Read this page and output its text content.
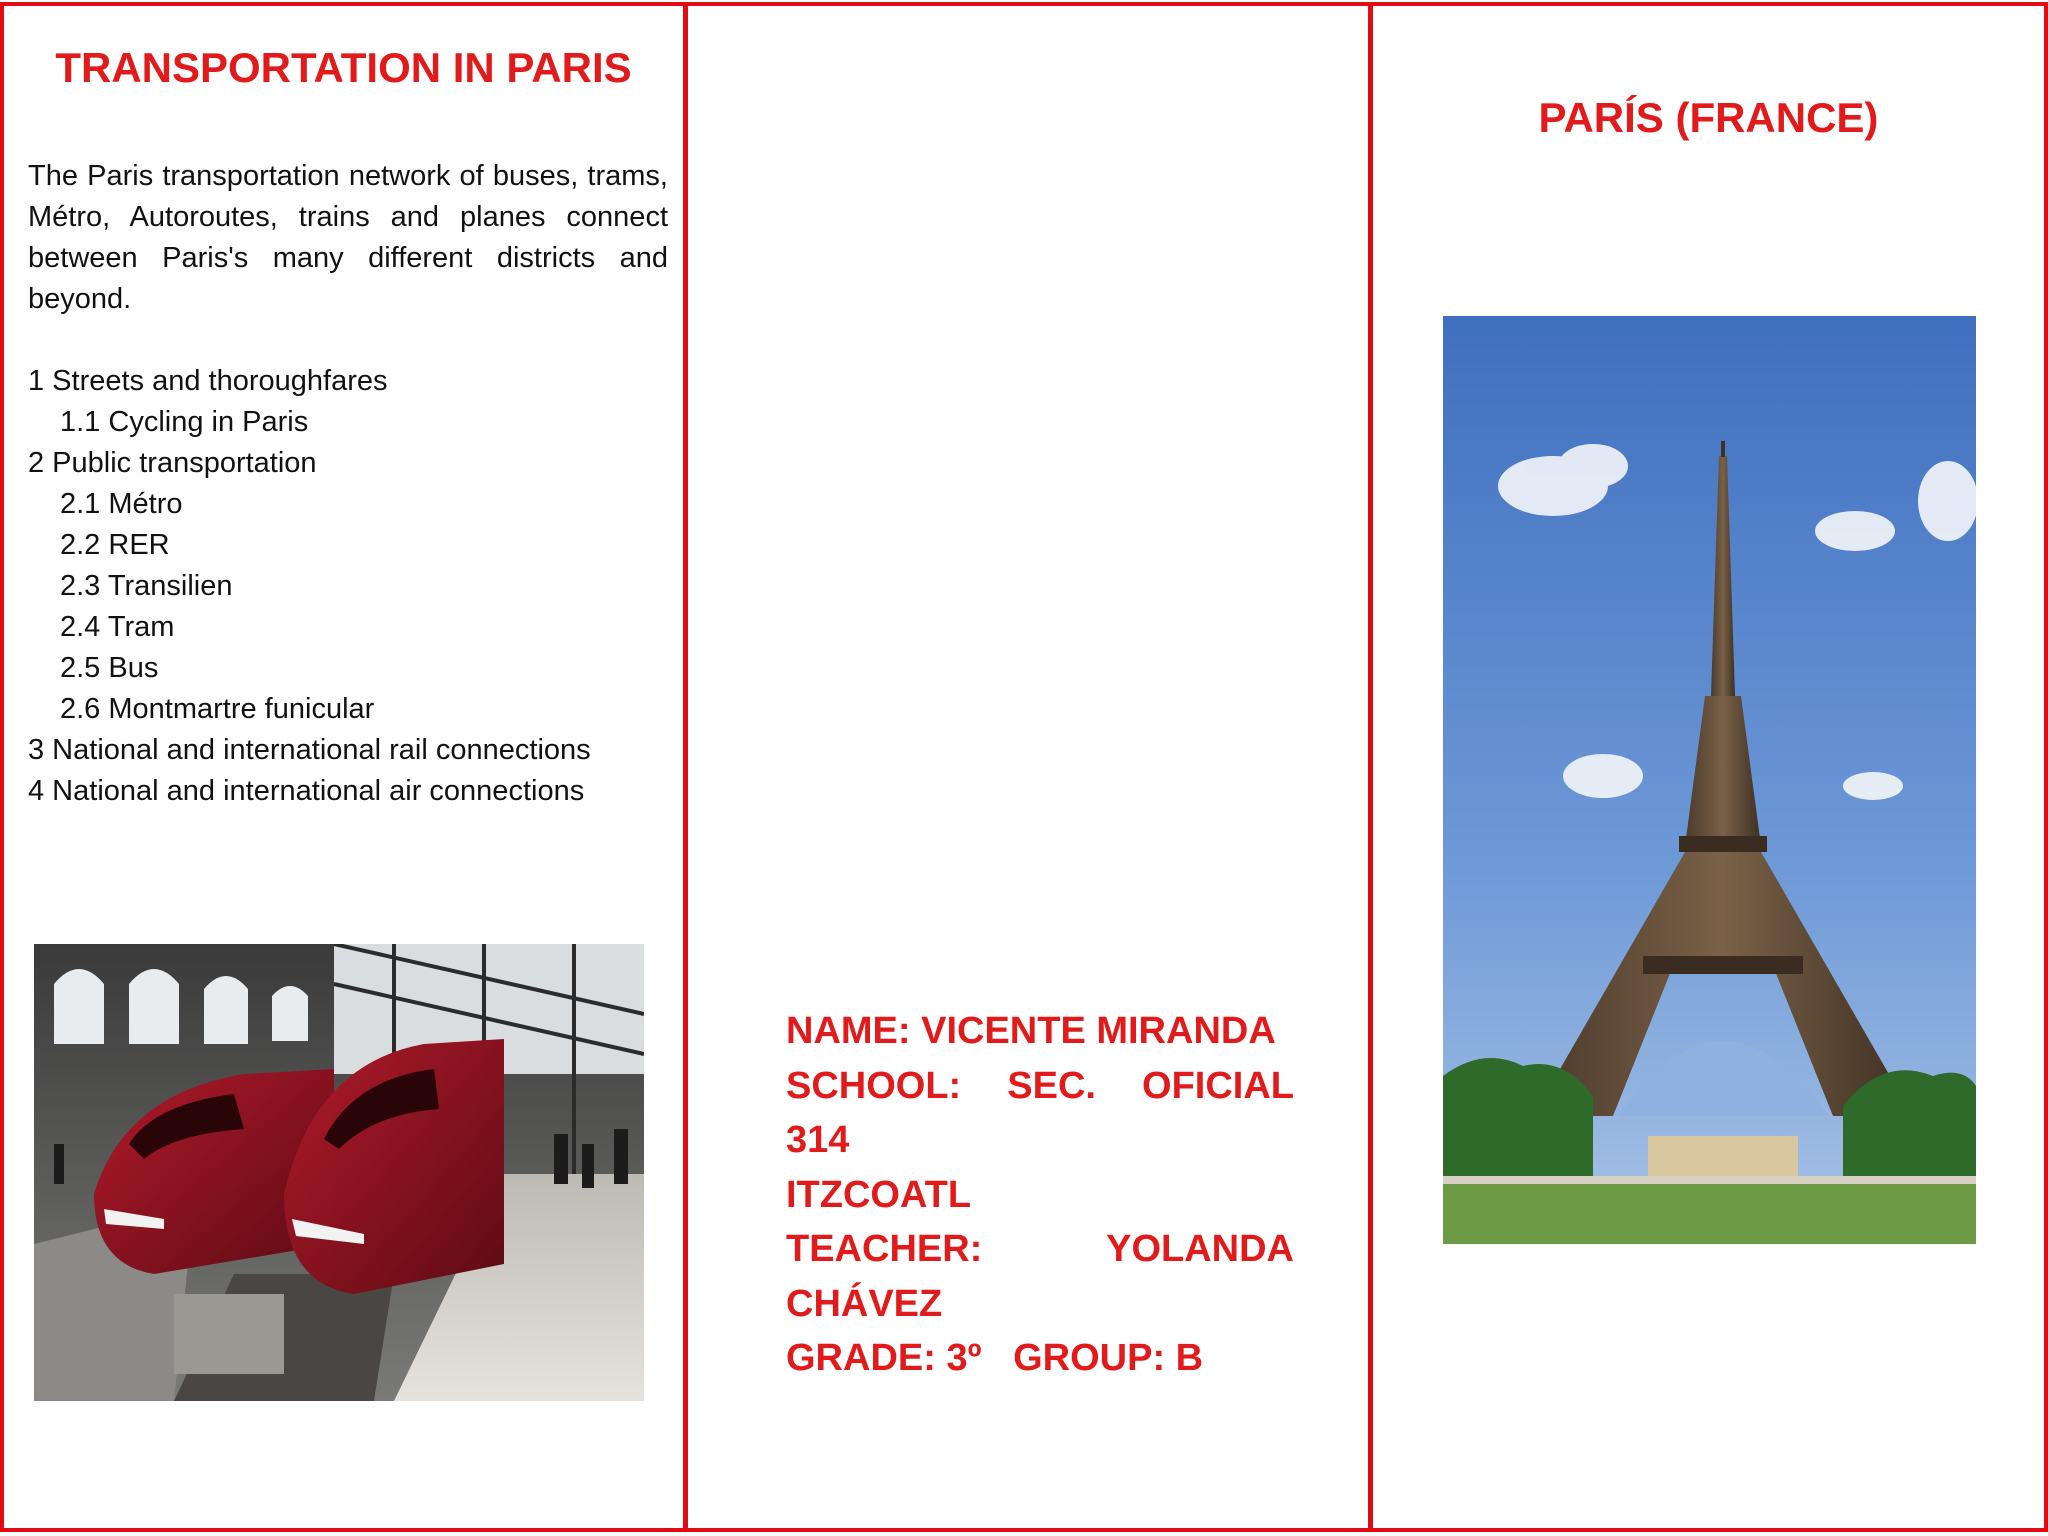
TRANSPORTATION IN PARIS
The Paris transportation network of buses, trams, Métro, Autoroutes, trains and planes connect between Paris's many different districts and beyond.
1 Streets and thoroughfares
1.1 Cycling in Paris
2 Public transportation
2.1 Métro
2.2 RER
2.3 Transilien
2.4 Tram
2.5 Bus
2.6 Montmartre funicular
3 National and international rail connections
4 National and international air connections
PARÍS (FRANCE)
NAME: VICENTE MIRANDA
SCHOOL: SEC. OFICIAL 314
ITZCOATL
TEACHER:	YOLANDA
CHÁVEZ
GRADE: 3º   GROUP: B
